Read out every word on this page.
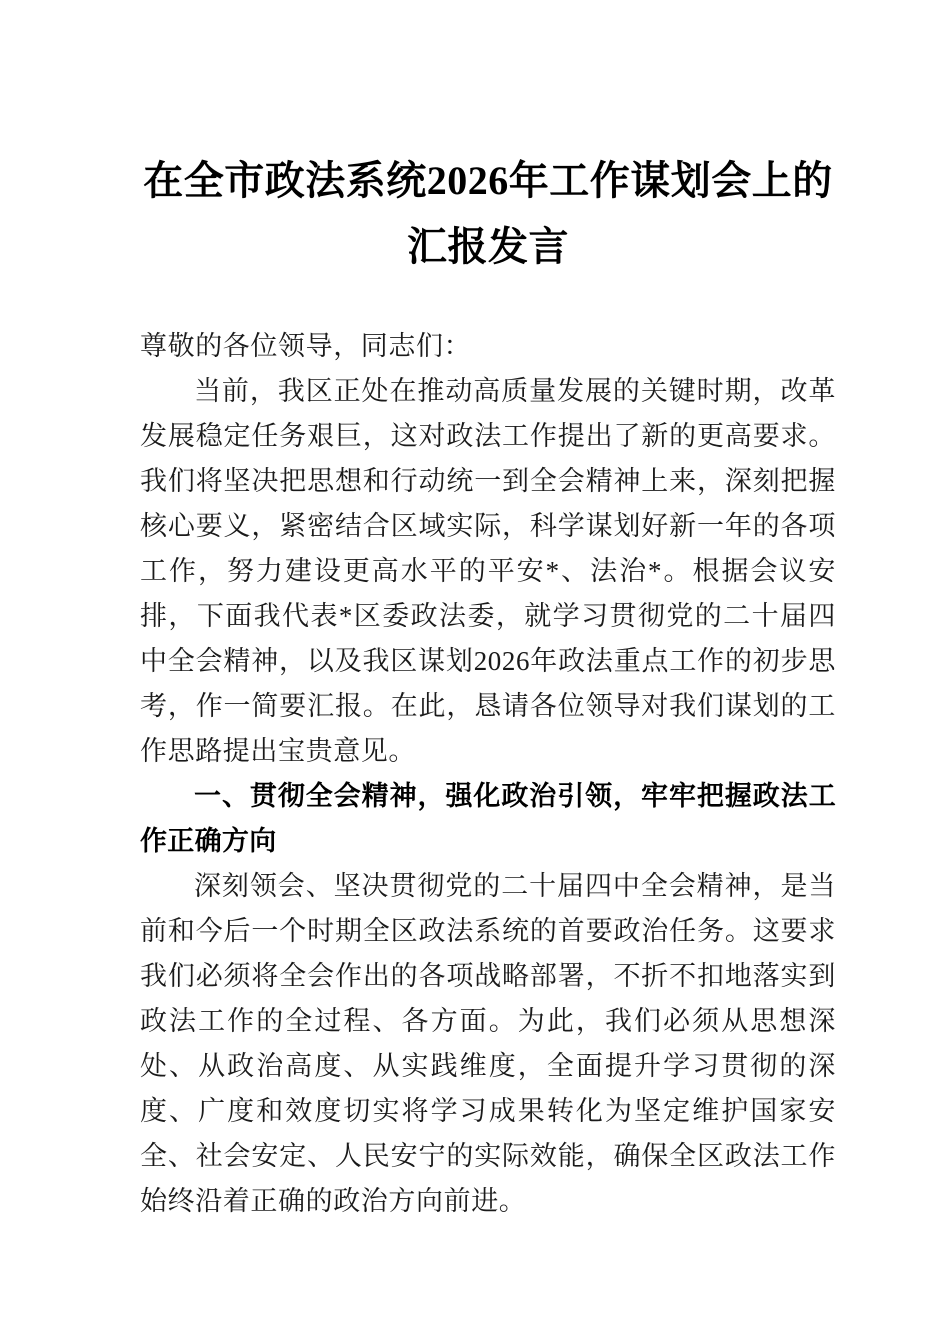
在全市政法系统2026年工作谋划会上的汇报发言

尊敬的各位领导，同志们：

当前，我区正处在推动高质量发展的关键时期，改革发展稳定任务艰巨，这对政法工作提出了新的更高要求。我们将坚决把思想和行动统一到全会精神上来，深刻把握核心要义，紧密结合区域实际，科学谋划好新一年的各项工作，努力建设更高水平的平安*、法治*。根据会议安排，下面我代表*区委政法委，就学习贯彻党的二十届四中全会精神，以及我区谋划2026年政法重点工作的初步思考，作一简要汇报。在此，恳请各位领导对我们谋划的工作思路提出宝贵意见。

一、贯彻全会精神，强化政治引领，牢牢把握政法工作正确方向

深刻领会、坚决贯彻党的二十届四中全会精神，是当前和今后一个时期全区政法系统的首要政治任务。这要求我们必须将全会作出的各项战略部署，不折不扣地落实到政法工作的全过程、各方面。为此，我们必须从思想深处、从政治高度、从实践维度，全面提升学习贯彻的深度、广度和效度切实将学习成果转化为坚定维护国家安全、社会安定、人民安宁的实际效能，确保全区政法工作始终沿着正确的政治方向前进。
